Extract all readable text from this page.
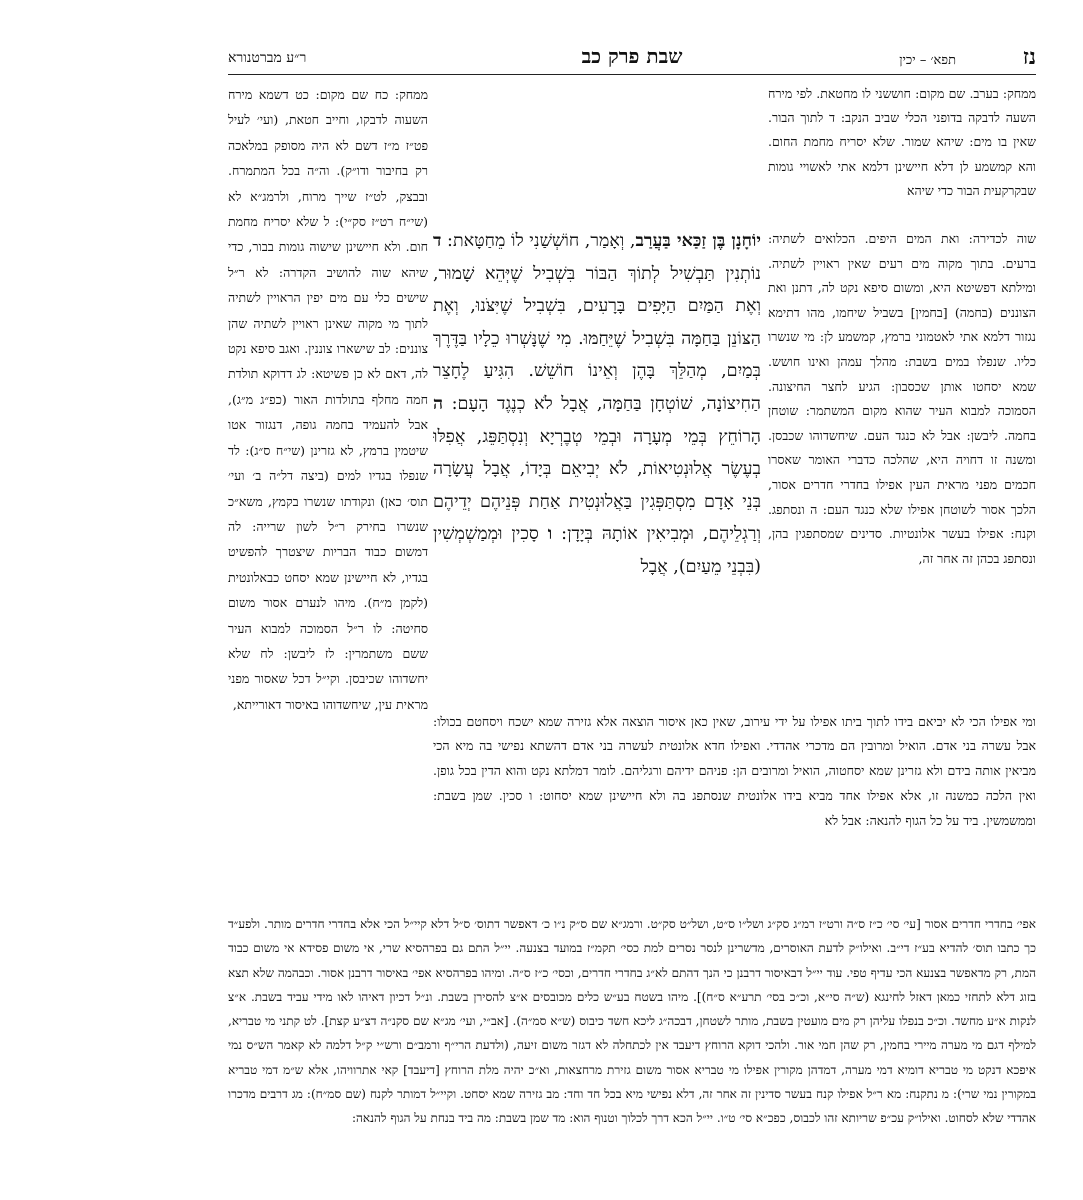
נז
תפא׳ – יכין
שבת פרק כב
ר״ע מברטנורא

ממחק: בערב. שם מקום: חוששני לו מחטאת. לפי מירח השעה לדבקה בדופני הכלי שביב הנקב: ד לתוך הבור. שאין בו מים: שיהא שמור. שלא יסריח מחמת החום. והא קמשמע לן דלא חיישינן דלמא אתי לאשויי גומות שבקרקעית הבור כדי שיהא

שוה לכדירה: ואת המים היפים. הכלואים לשתיה: ברעים. בתוך מקוה מים רעים שאין ראויין לשתיה. ומילתא דפשיטא היא, ומשום סיפא נקט לה, דתנן ואת הצוננים (בחמה) [בחמין] בשביל שיחמו, מהו דתימא נגזור דלמא אתי לאטמוני ברמץ, קמשמע לן: מי שנשרו כליו. שנפלו במים בשבת: מהלך עמהן ואינו חושש. שמא יסחטו אותן שכסבון: הגיע לחצר החיצונה. הסמוכה למבוא העיר שהוא מקום המשתמר: שוטחן בחמה. ליבשן: אבל לא כנגד העם. שיחשדוהו שכבסן. ומשנה זו דחויה היא, שהלכה כדברי האומר שאסרו חכמים מפני מראית העין אפילו בחדרי חדרים אסור, הלכך אסור לשוטחן אפילו שלא כנגד העם: ה ונסתפג. וקנח: אפילו בעשר אלונטיות. סדינים שמסתפגין בהן, ונסתפג בכהן זה אחר זה,

יוֹחָנָן בֶּן זַכַּאי בַּעֲרַב, וְאָמַר, חוֹשְׁשַׁנִי לוֹ מֵחַטָּאת: ד נוֹתְנִין תַּבְשִׁיל לְתוֹךְ הַבּוֹר בִּשְׁבִיל שֶׁיְּהֵא שָׁמוּר, וְאֶת הַמַּיִם הַיָּפִים בָּרָעִים, בִּשְׁבִיל שֶׁיִּצֹּנוּ, וְאֶת הַצּוֹנֵן בַּחַמָּה בִּשְׁבִיל שֶׁיֵּחַמּוּ. מִי שֶׁנָּשְׁרוּ כֵלָיו בַּדֶּרֶךְ בְּמַיִם, מְהַלֵּךְ בָּהֶן וְאֵינוֹ חוֹשֵׁשׁ. הִגִּיעַ לֶחָצֵר הַחִיצוֹנָה, שׁוֹטְחָן בַּחַמָּה, אֲבָל לֹא כְנֶגֶד הָעָם: ה הָרוֹחֵץ בְּמֵי מְעָרָה וּבְמֵי טְבֶרְיָא וְנִסְתַּפֵּג, אֲפִלּוּ בְעֶשֶׂר אֲלוּנְטִיאוֹת, לֹא יְבִיאֵם בְּיָדוֹ, אֲבָל עֲשָׂרָה בְּנֵי אָדָם מִסְתַּפְּגִין בַּאֲלוּנְטִית אַחַת פְּנֵיהֶם יְדֵיהֶם וְרַגְלֵיהֶם, וּמְבִיאִין אוֹתָהּ בְּיָדָן: ו סָכִין וּמְמַשְׁמְשִׁין (בִּבְנֵי מֵעַיִם), אֲבָל

ממחק: כח שם מקום: כט דשמא מירח השעוה לדבקו, וחייב חטאת, (ועי׳ לעיל פט״ז מ״ז דשם לא היה מסופק במלאכה רק בחיבור ודו״ק). וה״ה בכל המתמרח. ובבצק, לט״ז שייך מרוח, ולרמג״א לא (שי״ח רט״ז סק״י): ל שלא יסריח מחמת חום. ולא חיישינן שישוה גומות בבור, כדי שיהא שוה להושיב הקדרה: לא ר״ל שישים כלי עם מים יפין הראויין לשתיה לתוך מי מקוה שאינן ראויין לשתיה שהן צוננים: לב שישארו צוננין. ואגב סיפא נקט לה, דאם לא כן פשיטא: לג דדוקא תולדת חמה מחלף בתולדות האור (כפ״ג מ״ג), אבל להעמיד בחמה גופה, דנגזור אטו שיטמין ברמץ, לא גזרינן (שי״ח ס״ג): לד שנפלו בגדיו למים (ביצה דל״ה ב׳ ועי׳ תוס׳ כאן) ונקודתו שנשרו בקמץ, משא״כ שנשרו בחירק ר״ל לשון שרייה: לה דמשום כבוד הבריות שיצטרך להפשיט בגדיו, לא חיישינן שמא יסחט כבאלונטית (לקמן מ״ח). מיהו לנערם אסור משום סחיטה: לו ר״ל הסמוכה למבוא העיר ששם משתמרין: לז ליבשן: לח שלא יחשדוהו שכיבסן. וקי״ל דכל שאסור מפני מראית עין, שיחשדוהו באיסור דאורייתא,

ומי אפילו הכי לא יביאם בידו לתוך ביתו אפילו על ידי עירוב, שאין כאן איסור הוצאה אלא גזירה שמא ישכח ויסחטם בכולו: אבל עשרה בני אדם. הואיל ומרובין הם מדכרי אהדדי. ואפילו חדא אלונטית לעשרה בני אדם דהשתא נפישי בה מיא הכי מביאין אותה בידם ולא גזרינן שמא יסחטוה, הואיל ומרובים הן: פניהם ידיהם ורגליהם. לומר דמלתא נקט והוא הדין בכל גופן. ואין הלכה כמשנה זו, אלא אפילו אחד מביא בידו אלונטית שנסתפג בה ולא חיישינן שמא יסחוט: ו סכין. שמן בשבת: וממשמשין. ביד על כל הגוף להנאה: אבל לא

אפי׳ בחדרי חדרים אסור [עי׳ סי׳ כ״ז ס״ה ורט״ז רמ״ג סק״ג ושל״ו ס״ט, ושל״ט סק״ט. ורמג״א שם ס״ק נ״ו כ׳ דאפשר דתוס׳ ס״ל דלא קיי״ל הכי אלא בחדרי חדרים מותר. ולפע״ד כך כתבו תוס׳ להדיא בע״ז די״ב. ואילו״ק לדעת האוסרים, מדשרינן לנסר נסרים למת כסי׳ תקמ״ז במועד בצנעה. יי״ל התם גם בפרהסיא שרי, אי משום פסידא אי משום כבוד המת, רק מדאפשר בצנעא הכי עדיף טפי. עוד יי״ל דבאיסור דרבנן כי הנך דהתם לא״ג בחדרי חדרים, וכסי׳ כ״ז ס״ה. ומיהו בפרהסיא אפי׳ באיסור דרבנן אסור. וכבהמה שלא תצא בזוג דלא לתחזי כמאן דאזל לחינגא (ש״ה סי״א, וכ״כ בסי׳ תרע״א ס״ח)]. מיהו בשטח בע״ש כלים מכובסים א״צ להסירן בשבת. ונ״ל דכיון דאיהו לאו מידי עביד בשבת. א״צ לנקות א״ע מחשד. וכ״כ בנפלו עליהן רק מים מועטין בשבת, מותר לשטחן, דבכה״ג ליכא חשד כיבוס (ש״א סמ״ה). [אב״י, ועי׳ מג״א שם סקנ״ה דצ״ע קצת]. לט קתני מי טבריא, למילף דגם מי מערה מיירי בחמין, רק שהן חמי אור. ולהכי דוקא הרוחץ דיעבד אין לכתחלה לא דגזר משום זיעה, (ולדעת הרי״ף ורמב״ם ורש״י ק״ל דלמה לא קאמר הש״ס נמי איפכא דנקט מי טבריא דומיא דמי מערה, דמדהן מקורין אפילו מי טבריא אסור משום גזירת מרחצאות, וא״כ יהיה מלת הרוחץ [דיעבד] קאי אתרוויהו, אלא ש״מ דמי טבריא במקורין נמי שרי): מ נתקנח: מא ר״ל אפילו קנח בעשר סדינין זה אחר זה, דלא נפישי מיא בכל חד וחד: מב גזירה שמא יסחט. וקיי״ל דמותר לקנח (שם סמ״ח): מג דרבים מדכרו אהדדי שלא לסחוט. ואילו״ק עכ״פ שריותא זהו לכבוס, כפכ״א סי׳ ט״ו. יי״ל הכא דרך לכלוך וטנוף הוא: מד שמן בשבת: מה ביד בנחת על הגוף להנאה:
